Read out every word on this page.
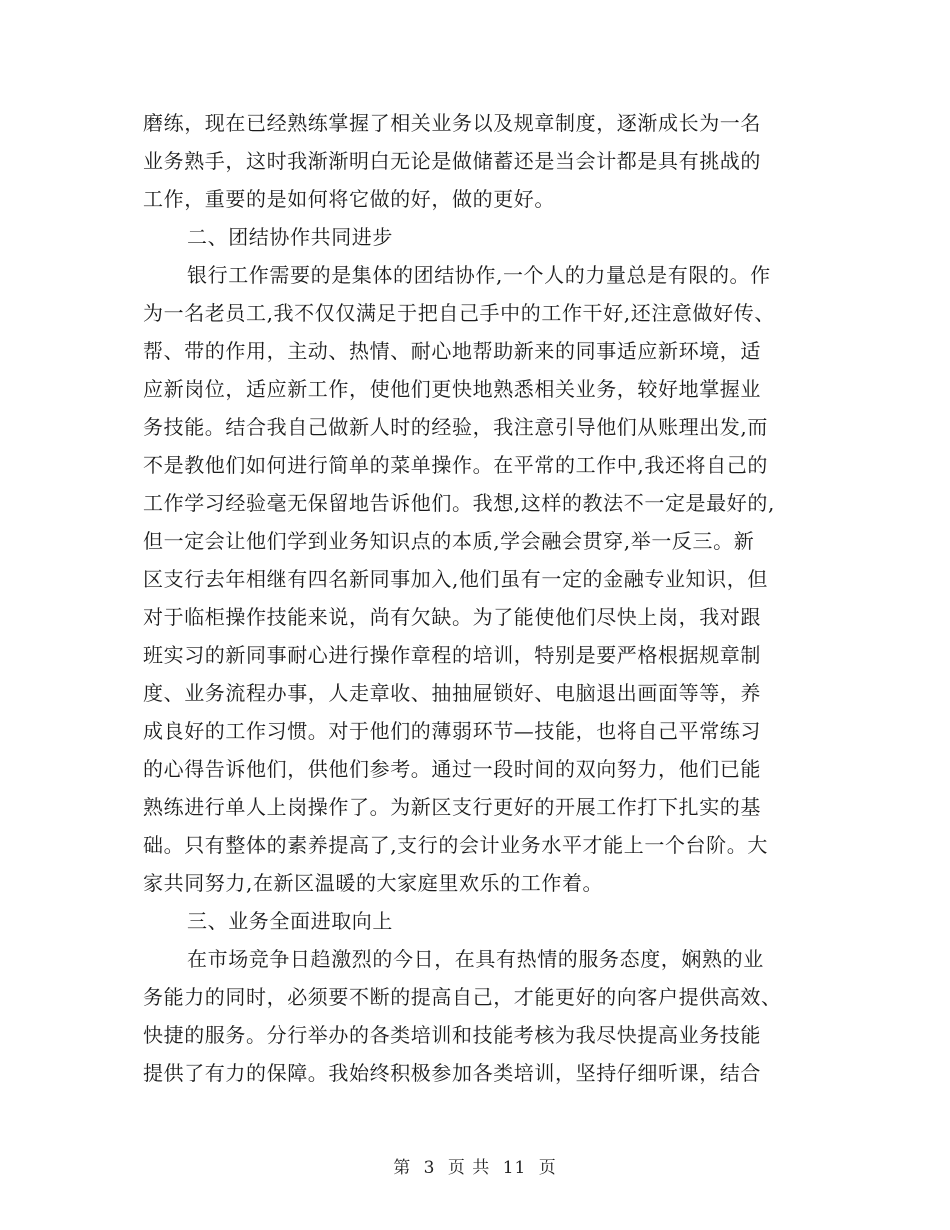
磨练，现在已经熟练掌握了相关业务以及规章制度，逐渐成长为一名
业务熟手，这时我渐渐明白无论是做储蓄还是当会计都是具有挑战的
工作，重要的是如何将它做的好，做的更好。
二、团结协作共同进步
银行工作需要的是集体的团结协作,一个人的力量总是有限的。作
为一名老员工,我不仅仅满足于把自己手中的工作干好,还注意做好传、
帮、带的作用，主动、热情、耐心地帮助新来的同事适应新环境，适
应新岗位，适应新工作，使他们更快地熟悉相关业务，较好地掌握业
务技能。结合我自己做新人时的经验，我注意引导他们从账理出发,而
不是教他们如何进行简单的菜单操作。在平常的工作中,我还将自己的
工作学习经验毫无保留地告诉他们。我想,这样的教法不一定是最好的,
但一定会让他们学到业务知识点的本质,学会融会贯穿,举一反三。新
区支行去年相继有四名新同事加入,他们虽有一定的金融专业知识，但
对于临柜操作技能来说，尚有欠缺。为了能使他们尽快上岗，我对跟
班实习的新同事耐心进行操作章程的培训，特别是要严格根据规章制
度、业务流程办事，人走章收、抽抽屉锁好、电脑退出画面等等，养
成良好的工作习惯。对于他们的薄弱环节—技能，也将自己平常练习
的心得告诉他们，供他们参考。通过一段时间的双向努力，他们已能
熟练进行单人上岗操作了。为新区支行更好的开展工作打下扎实的基
础。只有整体的素养提高了,支行的会计业务水平才能上一个台阶。大
家共同努力,在新区温暖的大家庭里欢乐的工作着。
三、业务全面进取向上
在市场竞争日趋激烈的今日，在具有热情的服务态度，娴熟的业
务能力的同时，必须要不断的提高自己，才能更好的向客户提供高效、
快捷的服务。分行举办的各类培训和技能考核为我尽快提高业务技能
提供了有力的保障。我始终积极参加各类培训，坚持仔细听课，结合
第 3 页 共 11 页
